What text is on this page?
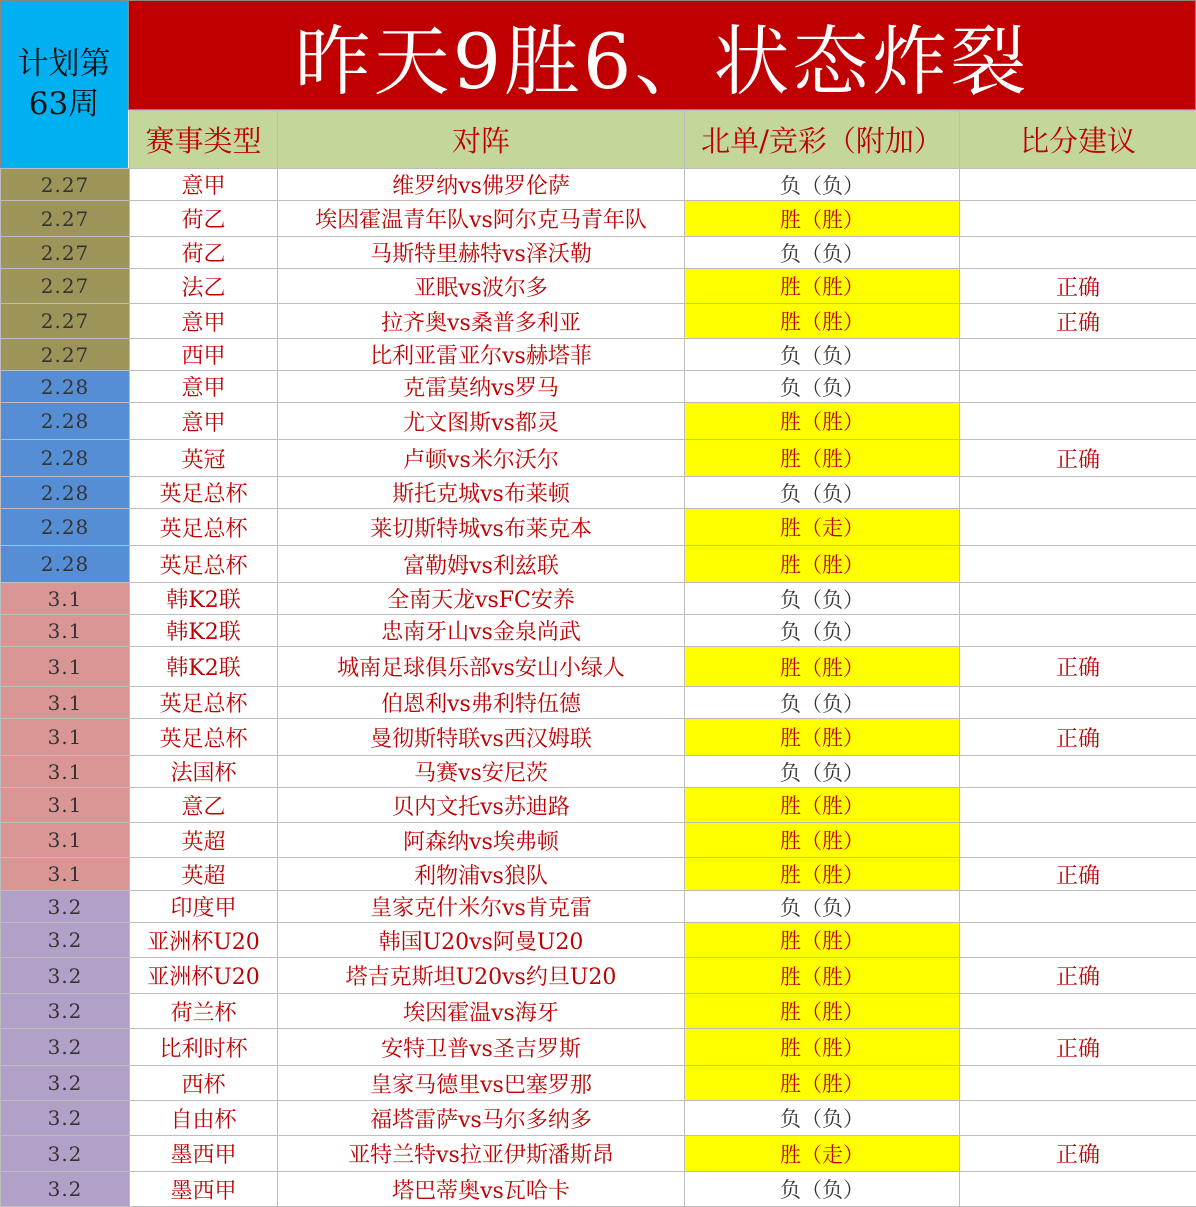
计划第
63周	昨天9胜6、状态炸裂
	赛事类型	对阵	北单/竞彩（附加）	比分建议
2.27	意甲	维罗纳vs佛罗伦萨	负（负）	
2.27	荷乙	埃因霍温青年队vs阿尔克马青年队	胜（胜）	
2.27	荷乙	马斯特里赫特vs泽沃勒	负（负）	
2.27	法乙	亚眠vs波尔多	胜（胜）	正确
2.27	意甲	拉齐奥vs桑普多利亚	胜（胜）	正确
2.27	西甲	比利亚雷亚尔vs赫塔菲	负（负）	
2.28	意甲	克雷莫纳vs罗马	负（负）	
2.28	意甲	尤文图斯vs都灵	胜（胜）	
2.28	英冠	卢顿vs米尔沃尔	胜（胜）	正确
2.28	英足总杯	斯托克城vs布莱顿	负（负）	
2.28	英足总杯	莱切斯特城vs布莱克本	胜（走）	
2.28	英足总杯	富勒姆vs利兹联	胜（胜）	
3.1	韩K2联	全南天龙vsFC安养	负（负）	
3.1	韩K2联	忠南牙山vs金泉尚武	负（负）	
3.1	韩K2联	城南足球俱乐部vs安山小绿人	胜（胜）	正确
3.1	英足总杯	伯恩利vs弗利特伍德	负（负）	
3.1	英足总杯	曼彻斯特联vs西汉姆联	胜（胜）	正确
3.1	法国杯	马赛vs安尼茨	负（负）	
3.1	意乙	贝内文托vs苏迪路	胜（胜）	
3.1	英超	阿森纳vs埃弗顿	胜（胜）	
3.1	英超	利物浦vs狼队	胜（胜）	正确
3.2	印度甲	皇家克什米尔vs肯克雷	负（负）	
3.2	亚洲杯U20	韩国U20vs阿曼U20	胜（胜）	
3.2	亚洲杯U20	塔吉克斯坦U20vs约旦U20	胜（胜）	正确
3.2	荷兰杯	埃因霍温vs海牙	胜（胜）	
3.2	比利时杯	安特卫普vs圣吉罗斯	胜（胜）	正确
3.2	西杯	皇家马德里vs巴塞罗那	胜（胜）	
3.2	自由杯	福塔雷萨vs马尔多纳多	负（负）	
3.2	墨西甲	亚特兰特vs拉亚伊斯潘斯昂	胜（走）	正确
3.2	墨西甲	塔巴蒂奥vs瓦哈卡	负（负）	
